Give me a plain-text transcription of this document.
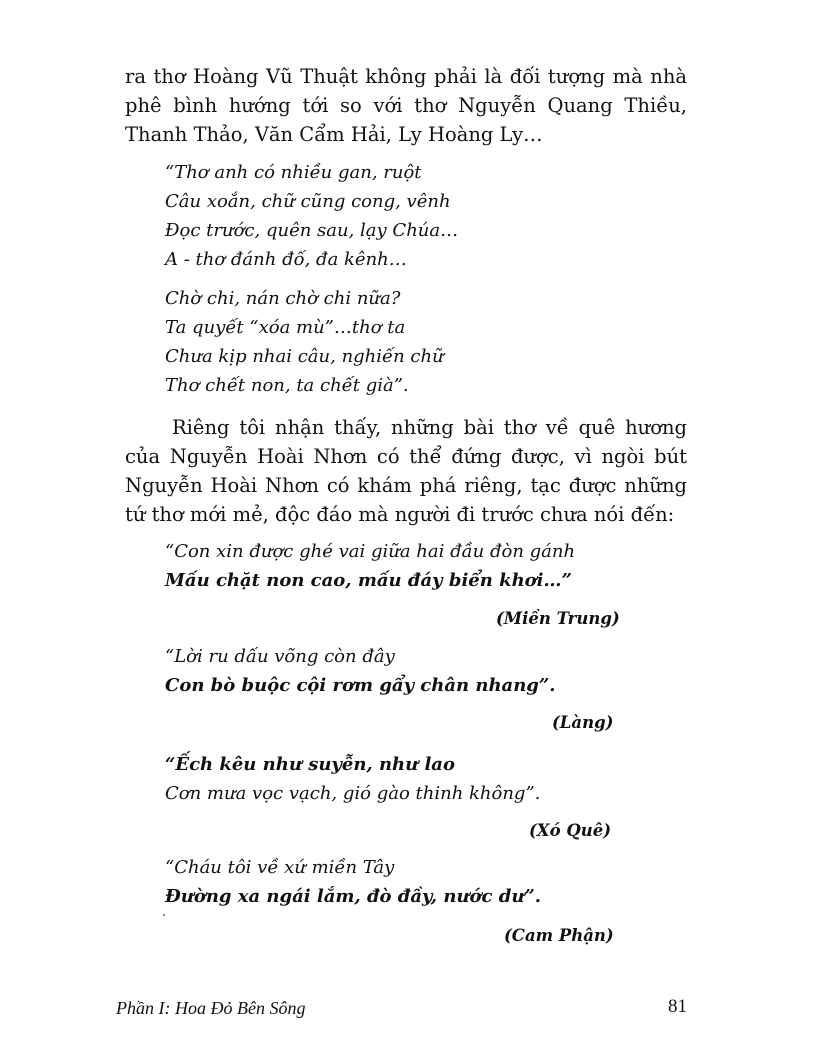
ra thơ Hoàng Vũ Thuật không phải là đối tượng mà nhà phê bình hướng tới so với thơ Nguyễn Quang Thiều, Thanh Thảo, Văn Cẩm Hải, Ly Hoàng Ly…

“Thơ anh có nhiều gan, ruột
Câu xoắn, chữ cũng cong, vênh
Đọc trước, quên sau, lạy Chúa…
A - thơ đánh đố, đa kênh…
Chờ chi, nán chờ chi nữa?
Ta quyết “xóa mù”…thơ ta
Chưa kịp nhai câu, nghiến chữ
Thơ chết non, ta chết già”.

Riêng tôi nhận thấy, những bài thơ về quê hương của Nguyễn Hoài Nhơn có thể đứng được, vì ngòi bút Nguyễn Hoài Nhơn có khám phá riêng, tạc được những tứ thơ mới mẻ, độc đáo mà người đi trước chưa nói đến:

“Con xin được ghé vai giữa hai đầu đòn gánh
Mấu chặt non cao, mấu đáy biển khơi…”
(Miền Trung)
“Lời ru dấu võng còn đây
Con bò buộc cội rơm gẩy chân nhang”.
(Làng)
“Ếch kêu như suyễn, như lao
Cơn mưa vọc vạch, gió gào thinh không”.
(Xó Quê)
“Cháu tôi về xứ miền Tây
Đường xa ngái lắm, đò đầy, nước dư”.
(Cam Phận)
Phần I: Hoa Đỏ Bên Sông	81
